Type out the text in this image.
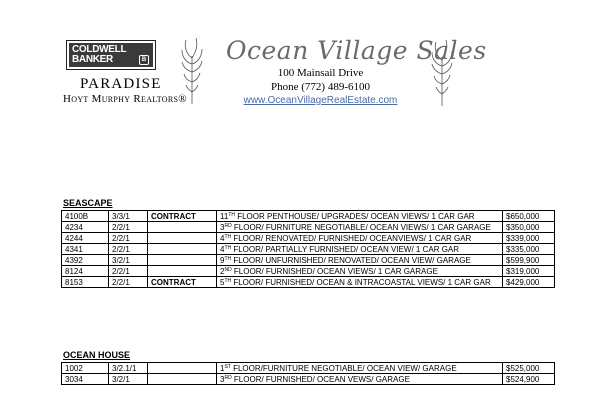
COLDWELL
BANKER	B
PARADISE
Hoyt Murphy Realtors®
Ocean Village Sales
100 Mainsail Drive
Phone (772) 489-6100
www.OceanVillageRealEstate.com
SEASCAPE
4100B	3/3/1	CONTRACT	11TH FLOOR PENTHOUSE/ UPGRADES/ OCEAN VIEWS/ 1 CAR GAR	$650,000
4234	2/2/1		3RD FLOOR/ FURNITURE NEGOTIABLE/ OCEAN VIEWS/ 1 CAR GARAGE	$350,000
4244	2/2/1		4TH FLOOR/ RENOVATED/ FURNISHED/ OCEANVIEWS/ 1 CAR GAR	$339,000
4341	2/2/1		4TH FLOOR/ PARTIALLY FURNISHED/ OCEAN VIEW/ 1 CAR GAR	$335,000
4392	3/2/1		9TH FLOOR/ UNFURNISHED/ RENOVATED/ OCEAN VIEW/ GARAGE	$599,900
8124	2/2/1		2ND FLOOR/ FURNISHED/ OCEAN VIEWS/ 1 CAR GARAGE	$319,000
8153	2/2/1	CONTRACT	5TH FLOOR/ FURNISHED/ OCEAN & INTRACOASTAL VIEWS/ 1 CAR GAR	$429,000
OCEAN HOUSE
1002	3/2.1/1		1ST FLOOR/FURNITURE NEGOTIABLE/ OCEAN VIEW/ GARAGE	$525,000
3034	3/2/1		3RD FLOOR/ FURNISHED/ OCEAN VEWS/ GARAGE	$524,900
